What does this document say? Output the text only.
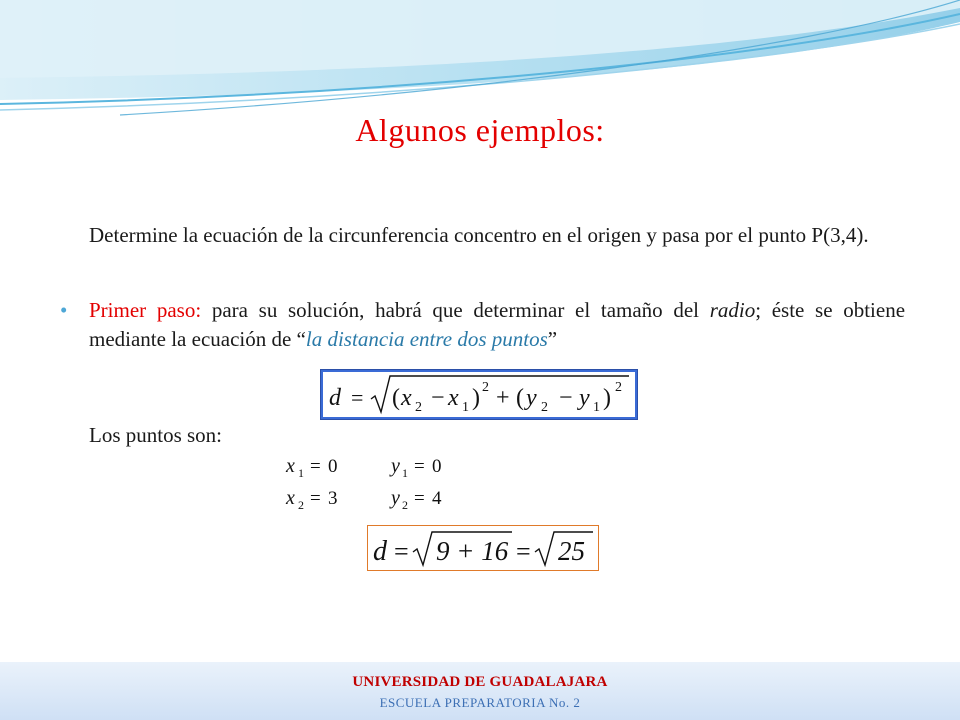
Algunos ejemplos:
Determine la ecuación de la circunferencia concentro en el origen y pasa por el punto P(3,4).
• Primer paso: para su solución, habrá que determinar el tamaño del radio; éste se obtiene mediante la ecuación de “la distancia entre dos puntos”
d = ( x 2 − x 1 ) 2 + ( y 2 − y 1 ) 2
Los puntos son:
x 1 = 0
x 2 = 3
y 1 = 0
y 2 = 4
d = 9 + 16 = 25
UNIVERSIDAD DE GUADALAJARA
ESCUELA PREPARATORIA No. 2
